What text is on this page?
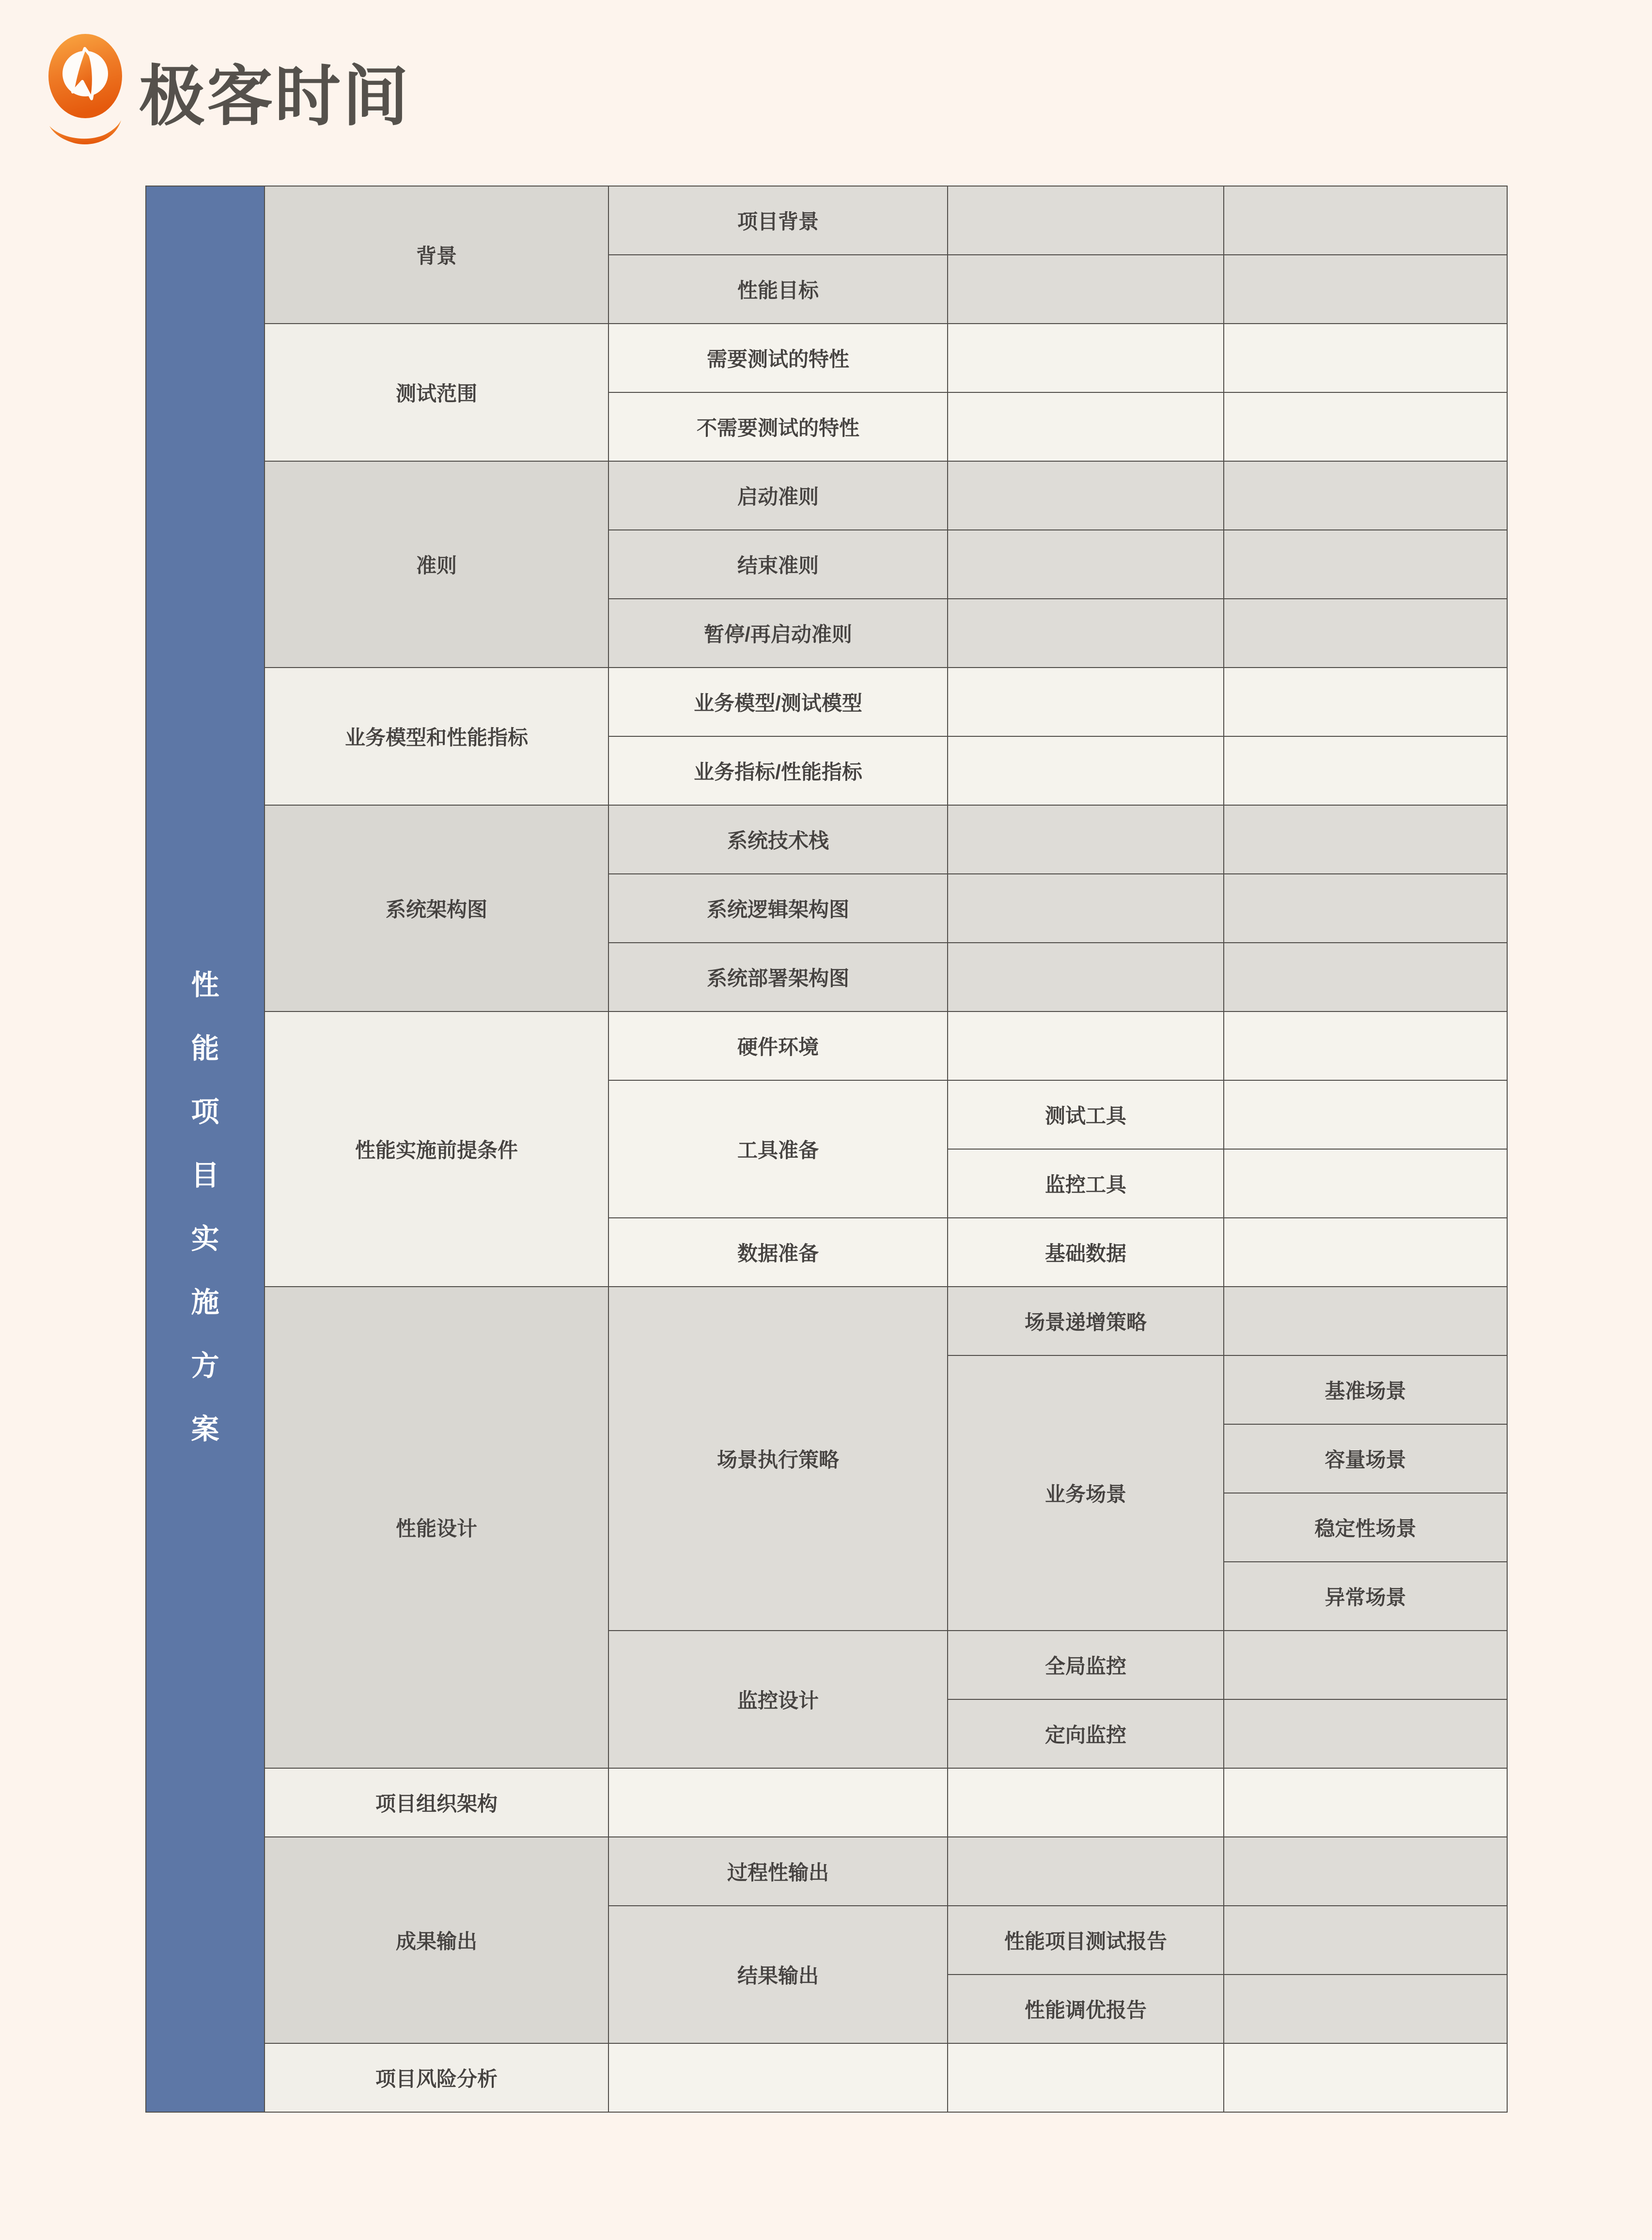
极客时间
性能项目实施方案	背景	项目背景		
		性能目标		
	测试范围	需要测试的特性		
		不需要测试的特性		
	准则	启动准则		
		结束准则		
		暂停/再启动准则		
	业务模型和性能指标	业务模型/测试模型		
		业务指标/性能指标		
	系统架构图	系统技术栈		
		系统逻辑架构图		
		系统部署架构图		
	性能实施前提条件	硬件环境		
		工具准备	测试工具	
			监控工具	
		数据准备	基础数据	
	性能设计	场景执行策略	场景递增策略	
			业务场景	基准场景
				容量场景
				稳定性场景
				异常场景
		监控设计	全局监控	
			定向监控	
	项目组织架构			
	成果输出	过程性输出		
		结果输出	性能项目测试报告	
			性能调优报告	
	项目风险分析			
